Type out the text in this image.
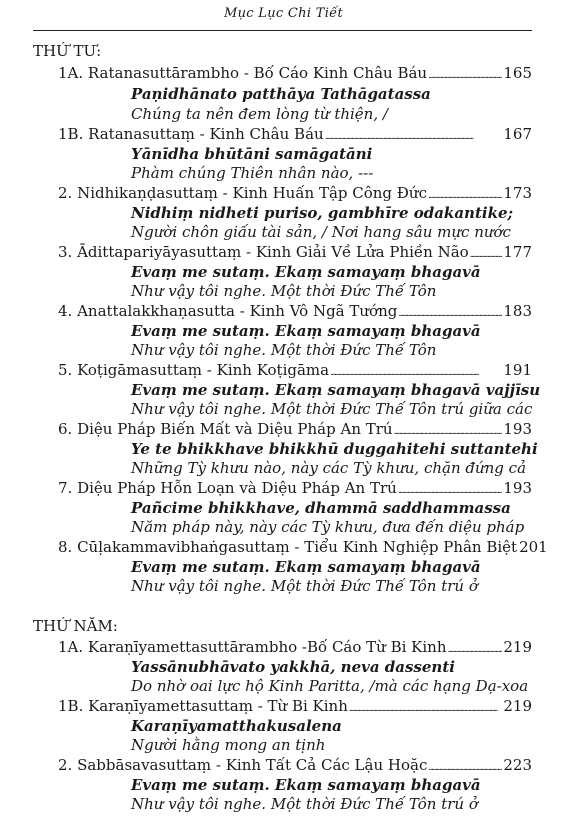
Mục Lục Chi Tiết
THỨ TƯ:
1A. Ratanasuttārambho - Bố Cáo Kinh Châu Báu . . .	165
Paṇidhānato patthāya Tathāgatassa
Chúng ta nên đem lòng từ thiện, /
1B. Ratanasuttaṃ - Kinh Châu Báu . . .	167
Yānīdha bhūtāni samāgatāni
Phàm chúng Thiên nhân nào, ---
2. Nidhikaṇḍasuttaṃ - Kinh Huấn Tập Công Đức . . .	173
Nidhiṃ nidheti puriso, gambhīre odakantike;
Người chôn giấu tài sản, / Nơi hang sâu mực nước
3. Ādittapariyāyasuttaṃ - Kinh Giải Về Lửa Phiền Não . . . 177
Evaṃ me sutaṃ. Ekaṃ samayaṃ bhagavā
Như vậy tôi nghe. Một thời Đức Thế Tôn
4. Anattalakkhaṇasutta - Kinh Vô Ngã Tướng . . .	183
Evaṃ me sutaṃ. Ekaṃ samayaṃ bhagavā
Như vậy tôi nghe. Một thời Đức Thế Tôn
5. Koṭigāmasuttaṃ - Kinh Koṭigāma . . .	191
Evaṃ me sutaṃ. Ekaṃ samayaṃ bhagavā vajjīsu
Như vậy tôi nghe. Một thời Đức Thế Tôn trú giữa các
6. Diệu Pháp Biến Mất và Diệu Pháp An Trú . . .	193
Ye te bhikkhave bhikkhū duggahitehi suttantehi
Những Tỳ khưu nào, này các Tỳ khưu, chặn đứng cả
7. Diệu Pháp Hỗn Loạn và Diệu Pháp An Trú . . .	193
Pañcime bhikkhave, dhammā saddhammassa
Năm pháp này, này các Tỳ khưu, đưa đến diệu pháp
8. Cūḷakammavibhaṅgasuttaṃ - Tiểu Kinh Nghiệp Phân Biệt 201
Evaṃ me sutaṃ. Ekaṃ samayaṃ bhagavā
Như vậy tôi nghe. Một thời Đức Thế Tôn trú ở
THỨ NĂM:
1A. Karaṇīyamettasuttārambho -Bố Cáo Từ Bi Kinh . . .	219
Yassānubhāvato yakkhā, neva dassenti
Do nhờ oai lực hộ Kinh Paritta, /mà các hạng Dạ-xoa
1B. Karaṇīyamettasuttaṃ - Từ Bi Kinh . . .	219
Karaṇīyamatthakusalena
Người hằng mong an tịnh
2. Sabbāsavasuttaṃ - Kinh Tất Cả Các Lậu Hoặc . . .	223
Evaṃ me sutaṃ. Ekaṃ samayaṃ bhagavā
Như vậy tôi nghe. Một thời Đức Thế Tôn trú ở
